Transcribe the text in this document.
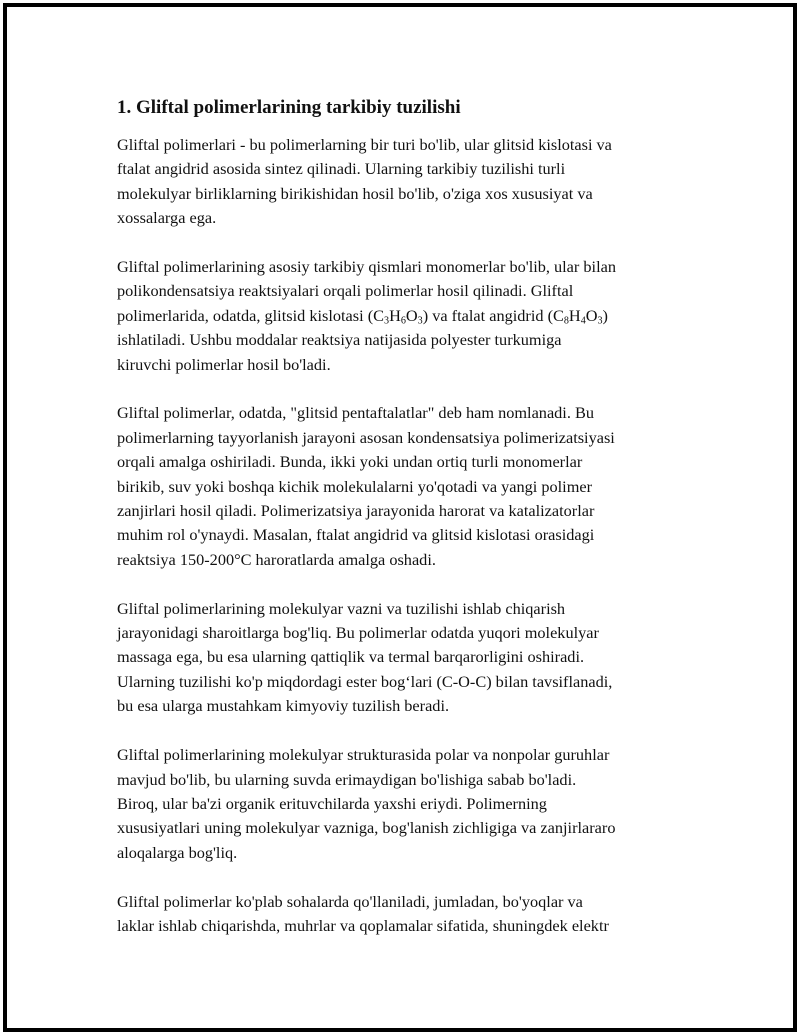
1. Gliftal polimerlarining tarkibiy tuzilishi

Gliftal polimerlari - bu polimerlarning bir turi bo'lib, ular glitsid kislotasi va
ftalat angidrid asosida sintez qilinadi. Ularning tarkibiy tuzilishi turli
molekulyar birliklarning birikishidan hosil bo'lib, o'ziga xos xususiyat va
xossalarga ega.

Gliftal polimerlarining asosiy tarkibiy qismlari monomerlar bo'lib, ular bilan
polikondensatsiya reaktsiyalari orqali polimerlar hosil qilinadi. Gliftal
polimerlarida, odatda, glitsid kislotasi $(C_3H_6O_3)$ va ftalat angidrid $(C_8H_4O_3)$
ishlatiladi. Ushbu moddalar reaktsiya natijasida polyester turkumiga
kiruvchi polimerlar hosil bo'ladi.

Gliftal polimerlar, odatda, "glitsid pentaftalatlar" deb ham nomlanadi. Bu
polimerlarning tayyorlanish jarayoni asosan kondensatsiya polimerizatsiyasi
orqali amalga oshiriladi. Bunda, ikki yoki undan ortiq turli monomerlar
birikib, suv yoki boshqa kichik molekulalarni yo'qotadi va yangi polimer
zanjirlari hosil qiladi. Polimerizatsiya jarayonida harorat va katalizatorlar
muhim rol o'ynaydi. Masalan, ftalat angidrid va glitsid kislotasi orasidagi
reaktsiya 150-200°C haroratlarda amalga oshadi.

Gliftal polimerlarining molekulyar vazni va tuzilishi ishlab chiqarish
jarayonidagi sharoitlarga bog'liq. Bu polimerlar odatda yuqori molekulyar
massaga ega, bu esa ularning qattiqlik va termal barqarorligini oshiradi.
Ularning tuzilishi ko'p miqdordagi ester bog‘lari (C-O-C) bilan tavsiflanadi,
bu esa ularga mustahkam kimyoviy tuzilish beradi.

Gliftal polimerlarining molekulyar strukturasida polar va nonpolar guruhlar
mavjud bo'lib, bu ularning suvda erimaydigan bo'lishiga sabab bo'ladi.
Biroq, ular ba'zi organik erituvchilarda yaxshi eriydi. Polimerning
xususiyatlari uning molekulyar vazniga, bog'lanish zichligiga va zanjirlararo
aloqalarga bog'liq.

Gliftal polimerlar ko'plab sohalarda qo'llaniladi, jumladan, bo'yoqlar va
laklar ishlab chiqarishda, muhrlar va qoplamalar sifatida, shuningdek elektr
